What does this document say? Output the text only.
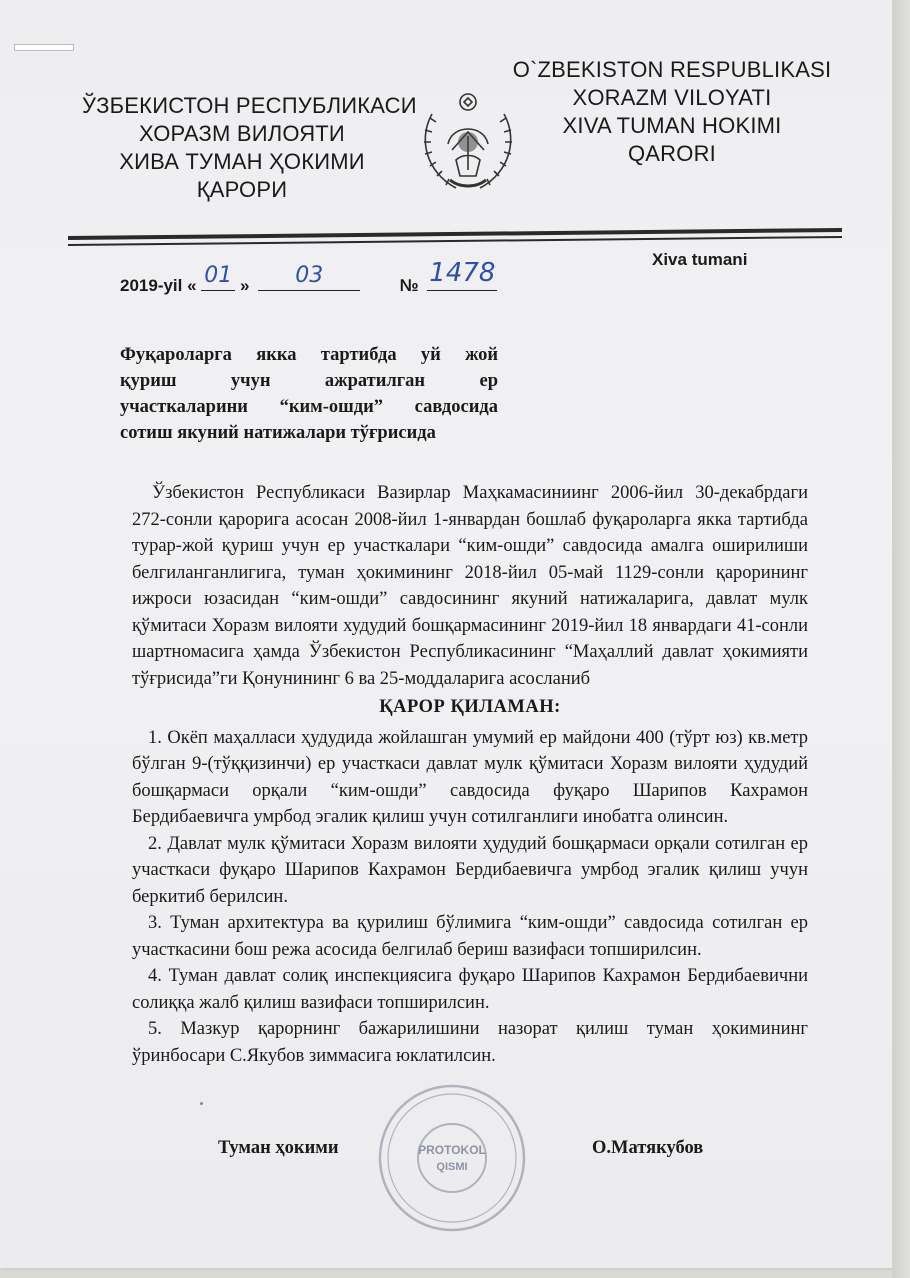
ЎЗБЕКИСТОН РЕСПУБЛИКАСИ
ХОРАЗМ ВИЛОЯТИ
ХИВА ТУМАН ҲОКИМИ
ҚАРОРИ
O`ZBEKISTON RESPUBLIKASI
XORAZM VILOYATI
XIVA TUMAN HOKIMI
QARORI
2019-yil « 01 » 03	№ 1478	Xiva tumani
Фуқароларга якка тартибда уй жой
қуриш учун ажратилган ер
участкаларини “ким-ошди” савдосида
сотиш якуний натижалари тўғрисида

Ўзбекистон Республикаси Вазирлар Маҳкамасиниинг 2006-йил 30-декабрдаги 272-сонли қарорига асосан 2008-йил 1-январдан бошлаб фуқароларга якка тартибда турар-жой қуриш учун ер участкалари “ким-ошди” савдосида амалга оширилиши белгиланганлигига, туман ҳокимининг 2018-йил 05-май 1129-сонли қарорининг ижроси юзасидан “ким-ошди” савдосининг якуний натижаларига, давлат мулк қўмитаси Хоразм вилояти худудий бошқармасининг 2019-йил 18 январдаги 41-сонли шартномасига ҳамда Ўзбекистон Республикасининг “Маҳаллий давлат ҳокимияти тўғрисида”ги Қонунининг 6 ва 25-моддаларига асосланиб

ҚАРОР ҚИЛАМАН:

1. Окёп маҳалласи ҳудудида жойлашган умумий ер майдони 400 (тўрт юз) кв.метр бўлган 9-(тўққизинчи) ер участкаси давлат мулк қўмитаси Хоразм вилояти ҳудудий бошқармаси орқали “ким-ошди” савдосида фуқаро Шарипов Кахрамон Бердибаевичга умрбод эгалик қилиш учун сотилганлиги инобатга олинсин.

2. Давлат мулк қўмитаси Хоразм вилояти ҳудудий бошқармаси орқали сотилган ер участкаси фуқаро Шарипов Кахрамон Бердибаевичга умрбод эгалик қилиш учун беркитиб берилсин.

3. Туман архитектура ва қурилиш бўлимига “ким-ошди” савдосида сотилган ер участкасини бош режа асосида белгилаб бериш вазифаси топширилсин.

4. Туман давлат солиқ инспекциясига фуқаро Шарипов Кахрамон Бердибаевични солиққа жалб қилиш вазифаси топширилсин.

5. Мазкур қарорнинг бажарилишини назорат қилиш туман ҳокимининг ўринбосари С.Якубов зиммасига юклатилсин.

PROTOKOL
QISMI
Туман ҳокими	О.Матякубов
